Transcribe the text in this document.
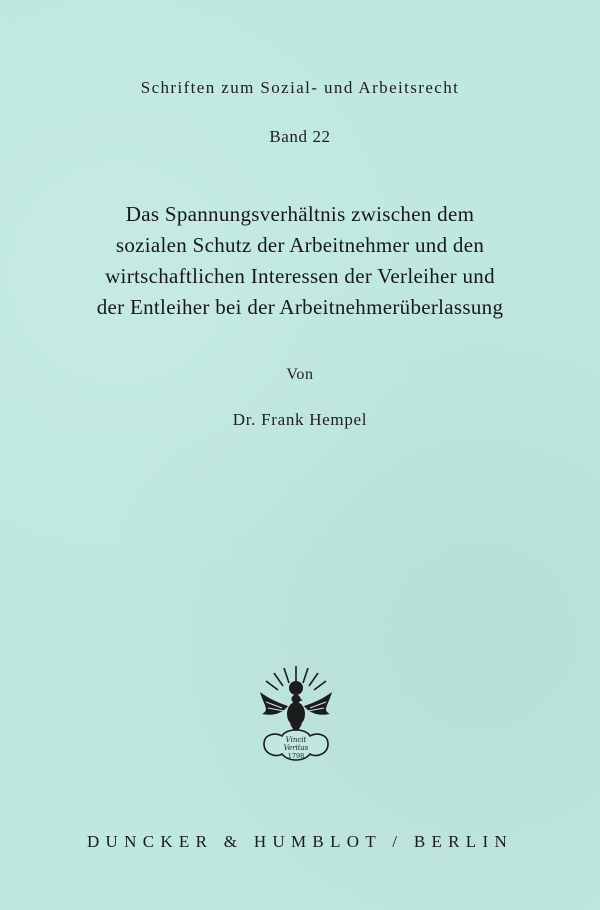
Schriften zum Sozial- und Arbeitsrecht
Band 22
Das Spannungsverhältnis zwischen dem
sozialen Schutz der Arbeitnehmer und den
wirtschaftlichen Interessen der Verleiher und
der Entleiher bei der Arbeitnehmerüberlassung
Von
Dr. Frank Hempel
Vincit
Veritas
1798
DUNCKER & HUMBLOT / BERLIN
